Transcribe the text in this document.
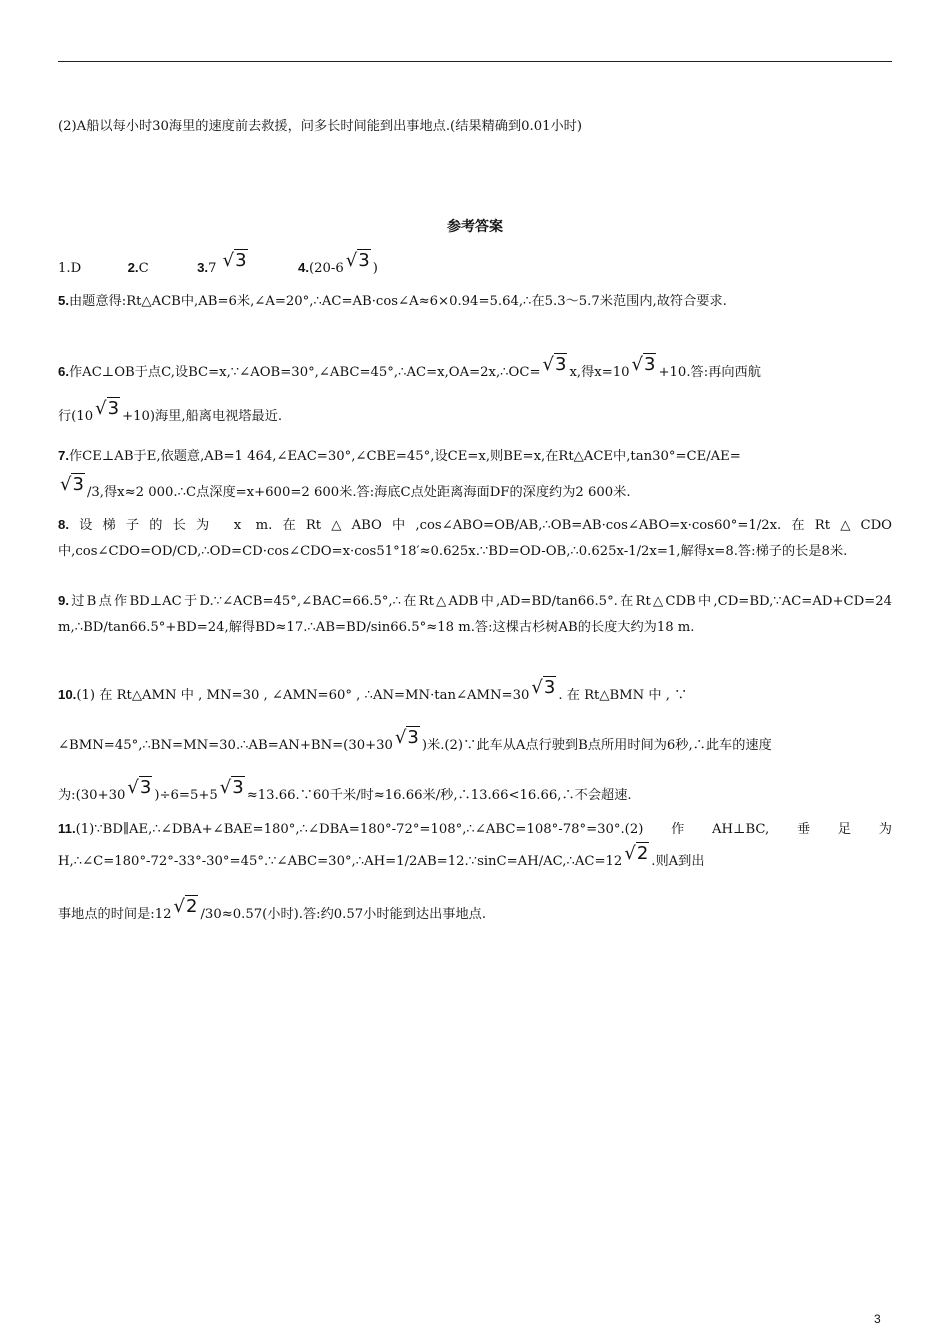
(2)A船以每小时30海里的速度前去救援，问多长时间能到出事地点.(结果精确到0.01小时)
参考答案
1.D	2.C	3.7 √3	4.(20-6 √3 )
5.由题意得:Rt△ACB中,AB=6米,∠A=20°,∴AC=AB·cos∠A≈6×0.94=5.64,∴在5.3～5.7米范围内,故符合要求.
6.作AC⊥OB于点C,设BC=x,∵∠AOB=30°,∠ABC=45°,∴AC=x,OA=2x,∴OC= √3 x,得x=10 √3 +10.答:再向西航
行(10 √3 +10)海里,船离电视塔最近.
7.作CE⊥AB于E,依题意,AB=1 464,∠EAC=30°,∠CBE=45°,设CE=x,则BE=x,在Rt△ACE中,tan30°=CE/AE=
√3 /3,得x≈2 000.∴C点深度=x+600=2 600米.答:海底C点处距离海面DF的深度约为2 600米.
8.设梯子的长为 x m.在Rt△ABO中,cos∠ABO=OB/AB,∴OB=AB·cos∠ABO=x·cos60°=1/2x.在Rt△CDO中,cos∠CDO=OD/CD,∴OD=CD·cos∠CDO=x·cos51°18′≈0.625x.∵BD=OD-OB,∴0.625x-1/2x=1,解得x=8.答:梯子的长是8米.
9.过B点作BD⊥AC于D.∵∠ACB=45°,∠BAC=66.5°,∴在Rt△ADB中,AD=BD/tan66.5°.在Rt△CDB中,CD=BD,∵AC=AD+CD=24 m,∴BD/tan66.5°+BD=24,解得BD≈17.∴AB=BD/sin66.5°≈18 m.答:这棵古杉树AB的长度大约为18 m.
10.(1) 在 Rt△AMN 中 , MN=30 , ∠AMN=60° , ∴AN=MN·tan∠AMN=30 √3 . 在 Rt△BMN 中 , ∵
∠BMN=45°,∴BN=MN=30.∴AB=AN+BN=(30+30 √3 )米.(2)∵此车从A点行驶到B点所用时间为6秒,∴此车的速度
为:(30+30 √3 )÷6=5+5 √3 ≈13.66.∵60千米/时≈16.66米/秒,∴13.66<16.66,∴不会超速.
11.(1)∵BD∥AE,∴∠DBA+∠BAE=180°,∴∠DBA=180°-72°=108°,∴∠ABC=108°-78°=30°.(2)作AH⊥BC,垂足为H,∴∠C=180°-72°-33°-30°=45°.∵∠ABC=30°,∴AH=1/2AB=12.∵sinC=AH/AC,∴AC=12 √2 .则A到出
事地点的时间是:12 √2 /30≈0.57(小时).答:约0.57小时能到达出事地点.
3
